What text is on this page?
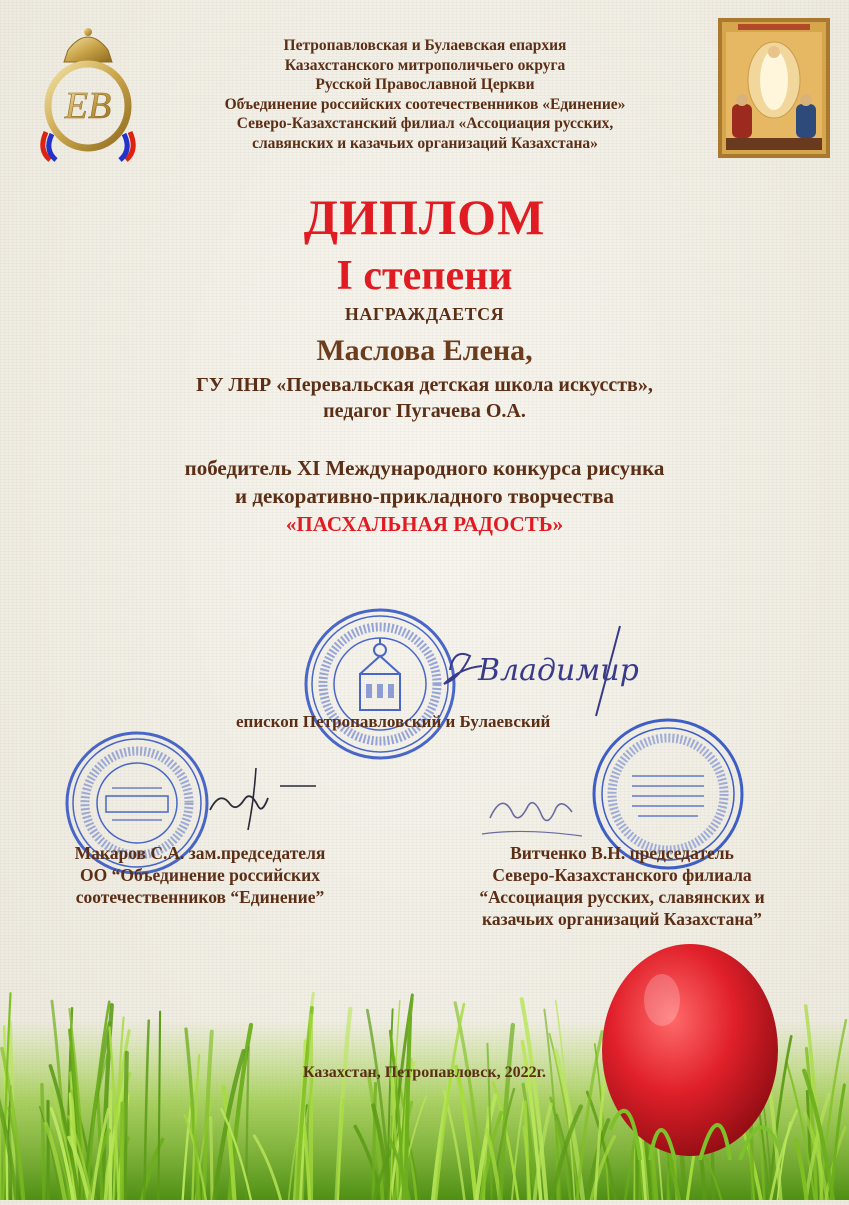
ЕВ
Петропавловская и Булаевская епархия
Казахстанского митрополичьего округа
Русской Православной Церкви
Объединение российских соотечественников «Единение»
Северо-Казахстанский филиал «Ассоциация русских,
славянских и казачьих организаций Казахстана»
ДИПЛОМ
I степени
НАГРАЖДАЕТСЯ
Маслова Елена,
ГУ ЛНР «Перевальская детская школа искусств»,
педагог Пугачева О.А.
победитель XI Международного конкурса рисунка
и декоративно-прикладного творчества
«ПАСХАЛЬНАЯ РАДОСТЬ»
Владимир
епископ Петропавловский и Булаевский
Макаров С.А. зам.председателя
ОО “Объединение российских
соотечественников “Единение”
Витченко В.Н. председатель
Северо-Казахстанского филиала
“Ассоциация русских, славянских и
казачьих организаций Казахстана”
Казахстан, Петропавловск, 2022г.
